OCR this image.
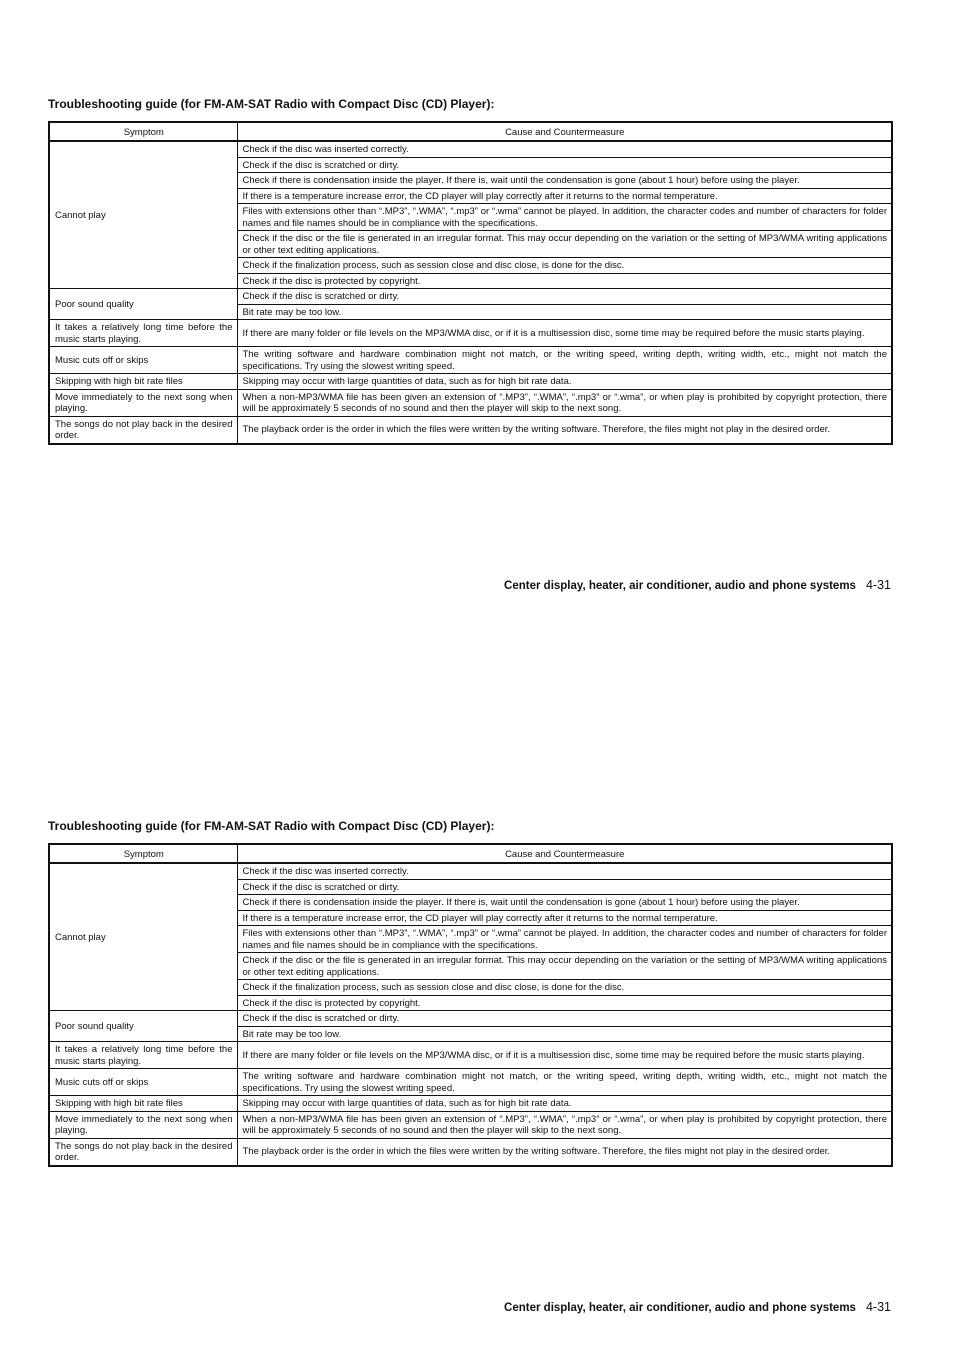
Troubleshooting guide (for FM-AM-SAT Radio with Compact Disc (CD) Player):
Symptom	Cause and Countermeasure
Cannot play	Check if the disc was inserted correctly.
	Check if the disc is scratched or dirty.
	Check if there is condensation inside the player. If there is, wait until the condensation is gone (about 1 hour) before using the player.
	If there is a temperature increase error, the CD player will play correctly after it returns to the normal temperature.
	Files with extensions other than “.MP3”, “.WMA”, “.mp3” or “.wma” cannot be played. In addition, the character codes and number of characters for folder names and file names should be in compliance with the specifications.
	Check if the disc or the file is generated in an irregular format. This may occur depending on the variation or the setting of MP3/WMA writing applications or other text editing applications.
	Check if the finalization process, such as session close and disc close, is done for the disc.
	Check if the disc is protected by copyright.
Poor sound quality	Check if the disc is scratched or dirty.
	Bit rate may be too low.
It takes a relatively long time before the music starts playing.	If there are many folder or file levels on the MP3/WMA disc, or if it is a multisession disc, some time may be required before the music starts playing.
Music cuts off or skips	The writing software and hardware combination might not match, or the writing speed, writing depth, writing width, etc., might not match the specifications. Try using the slowest writing speed.
Skipping with high bit rate files	Skipping may occur with large quantities of data, such as for high bit rate data.
Move immediately to the next song when playing.	When a non-MP3/WMA file has been given an extension of “.MP3”, “.WMA”, “.mp3” or “.wma”, or when play is prohibited by copyright protection, there will be approximately 5 seconds of no sound and then the player will skip to the next song.
The songs do not play back in the desired order.	The playback order is the order in which the files were written by the writing software. Therefore, the files might not play in the desired order.
Center display, heater, air conditioner, audio and phone systems 4-31
Troubleshooting guide (for FM-AM-SAT Radio with Compact Disc (CD) Player):
Symptom	Cause and Countermeasure
Cannot play	Check if the disc was inserted correctly.
	Check if the disc is scratched or dirty.
	Check if there is condensation inside the player. If there is, wait until the condensation is gone (about 1 hour) before using the player.
	If there is a temperature increase error, the CD player will play correctly after it returns to the normal temperature.
	Files with extensions other than “.MP3”, “.WMA”, “.mp3” or “.wma” cannot be played. In addition, the character codes and number of characters for folder names and file names should be in compliance with the specifications.
	Check if the disc or the file is generated in an irregular format. This may occur depending on the variation or the setting of MP3/WMA writing applications or other text editing applications.
	Check if the finalization process, such as session close and disc close, is done for the disc.
	Check if the disc is protected by copyright.
Poor sound quality	Check if the disc is scratched or dirty.
	Bit rate may be too low.
It takes a relatively long time before the music starts playing.	If there are many folder or file levels on the MP3/WMA disc, or if it is a multisession disc, some time may be required before the music starts playing.
Music cuts off or skips	The writing software and hardware combination might not match, or the writing speed, writing depth, writing width, etc., might not match the specifications. Try using the slowest writing speed.
Skipping with high bit rate files	Skipping may occur with large quantities of data, such as for high bit rate data.
Move immediately to the next song when playing.	When a non-MP3/WMA file has been given an extension of “.MP3”, “.WMA”, “.mp3” or “.wma”, or when play is prohibited by copyright protection, there will be approximately 5 seconds of no sound and then the player will skip to the next song.
The songs do not play back in the desired order.	The playback order is the order in which the files were written by the writing software. Therefore, the files might not play in the desired order.
Center display, heater, air conditioner, audio and phone systems 4-31
